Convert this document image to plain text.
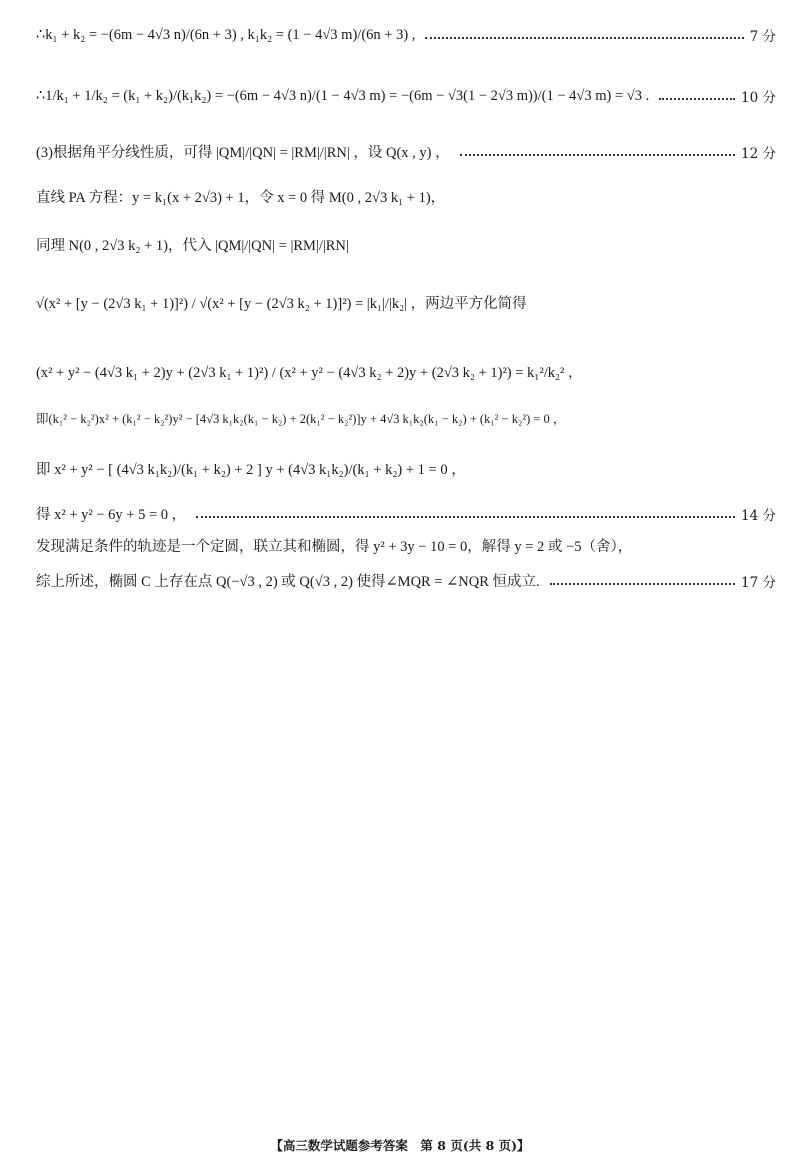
∴k₁ + k₂ = −(6m − 4√3 n)/(6n + 3) , k₁k₂ = (1 − 4√3 m)/(6n + 3) ,	7 分
∴1/k₁ + 1/k₂ = (k₁ + k₂)/(k₁k₂) = −(6m − 4√3 n)/(1 − 4√3 m) = −(6m − √3(1 − 2√3 m))/(1 − 4√3 m) = √3 .	10 分
(3)根据角平分线性质，可得 |QM|/|QN| = |RM|/|RN| ，设 Q(x , y) ，	12 分
直线 PA 方程：y = k₁(x + 2√3) + 1，令 x = 0 得 M(0 , 2√3 k₁ + 1)，
同理 N(0 , 2√3 k₂ + 1)，代入 |QM|/|QN| = |RM|/|RN|
√(x² + [y − (2√3 k₁ + 1)]²) / √(x² + [y − (2√3 k₂ + 1)]²) = |k₁|/|k₂| ，两边平方化简得
(x² + y² − (4√3 k₁ + 2)y + (2√3 k₁ + 1)²) / (x² + y² − (4√3 k₂ + 2)y + (2√3 k₂ + 1)²) = k₁²/k₂² ，
即(k₁² − k₂²)x² + (k₁² − k₂²)y² − [4√3 k₁k₂(k₁ − k₂) + 2(k₁² − k₂²)]y + 4√3 k₁k₂(k₁ − k₂) + (k₁² − k₂²) = 0 ，
即 x² + y² − [ (4√3 k₁k₂)/(k₁ + k₂) + 2 ] y + (4√3 k₁k₂)/(k₁ + k₂) + 1 = 0 ，
得 x² + y² − 6y + 5 = 0 ，	14 分
发现满足条件的轨迹是一个定圆，联立其和椭圆，得 y² + 3y − 10 = 0，解得 y = 2 或 −5（舍），
综上所述，椭圆 C 上存在点 Q(−√3 , 2) 或 Q(√3 , 2) 使得∠MQR = ∠NQR 恒成立.	17 分
【高三数学试题参考答案　第 8 页(共 8 页)】
